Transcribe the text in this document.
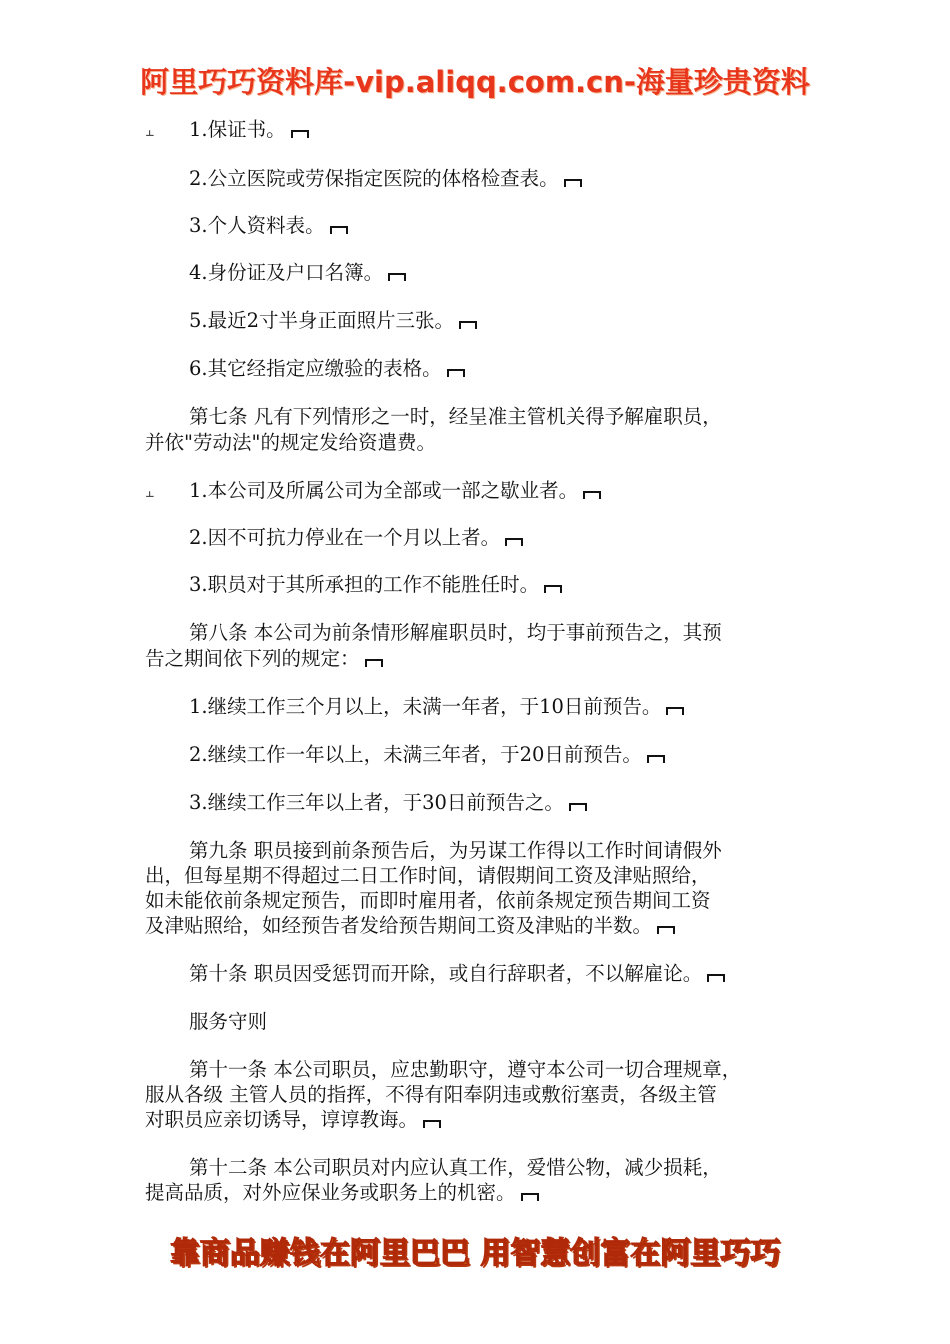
阿里巧巧资料库-vip.aliqq.com.cn-海量珍贵资料
⫠	1.保证书。
2.公立医院或劳保指定医院的体格检查表。
3.个人资料表。
4.身份证及户口名簿。
5.最近2寸半身正面照片三张。
6.其它经指定应缴验的表格。
第七条 凡有下列情形之一时，经呈准主管机关得予解雇职员，
并依"劳动法"的规定发给资遣费。
⫠	1.本公司及所属公司为全部或一部之歇业者。
2.因不可抗力停业在一个月以上者。
3.职员对于其所承担的工作不能胜任时。
第八条 本公司为前条情形解雇职员时，均于事前预告之，其预
告之期间依下列的规定：
1.继续工作三个月以上，未满一年者，于10日前预告。
2.继续工作一年以上，未满三年者，于20日前预告。
3.继续工作三年以上者，于30日前预告之。
第九条 职员接到前条预告后，为另谋工作得以工作时间请假外
出，但每星期不得超过二日工作时间，请假期间工资及津贴照给，
如未能依前条规定预告，而即时雇用者，依前条规定预告期间工资
及津贴照给，如经预告者发给预告期间工资及津贴的半数。
第十条 职员因受惩罚而开除，或自行辞职者，不以解雇论。
服务守则
第十一条 本公司职员，应忠勤职守，遵守本公司一切合理规章，
服从各级 主管人员的指挥，不得有阳奉阴违或敷衍塞责，各级主管
对职员应亲切诱导，谆谆教诲。
第十二条 本公司职员对内应认真工作，爱惜公物，减少损耗，
提高品质，对外应保业务或职务上的机密。
靠商品赚钱在阿里巴巴 用智慧创富在阿里巧巧
